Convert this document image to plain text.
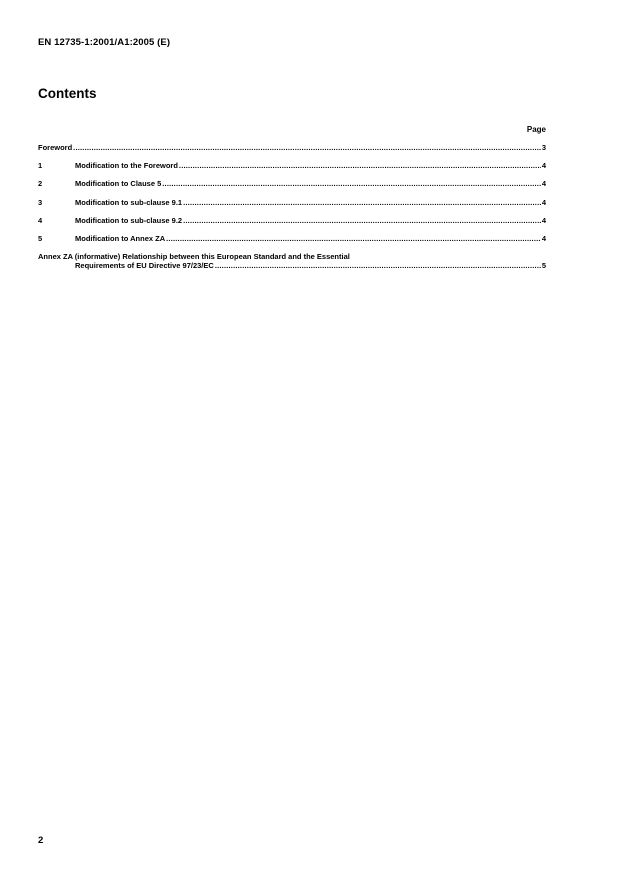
EN 12735-1:2001/A1:2005 (E)
Contents
Page
Foreword .....	3
1	Modification to the Foreword .....	4
2	Modification to Clause 5 .....	4
3	Modification to sub-clause 9.1 .....	4
4	Modification to sub-clause 9.2 .....	4
5	Modification to Annex ZA .....	4
Annex ZA (informative) Relationship between this European Standard and the Essential
Requirements of EU Directive 97/23/EC .....	5
2
